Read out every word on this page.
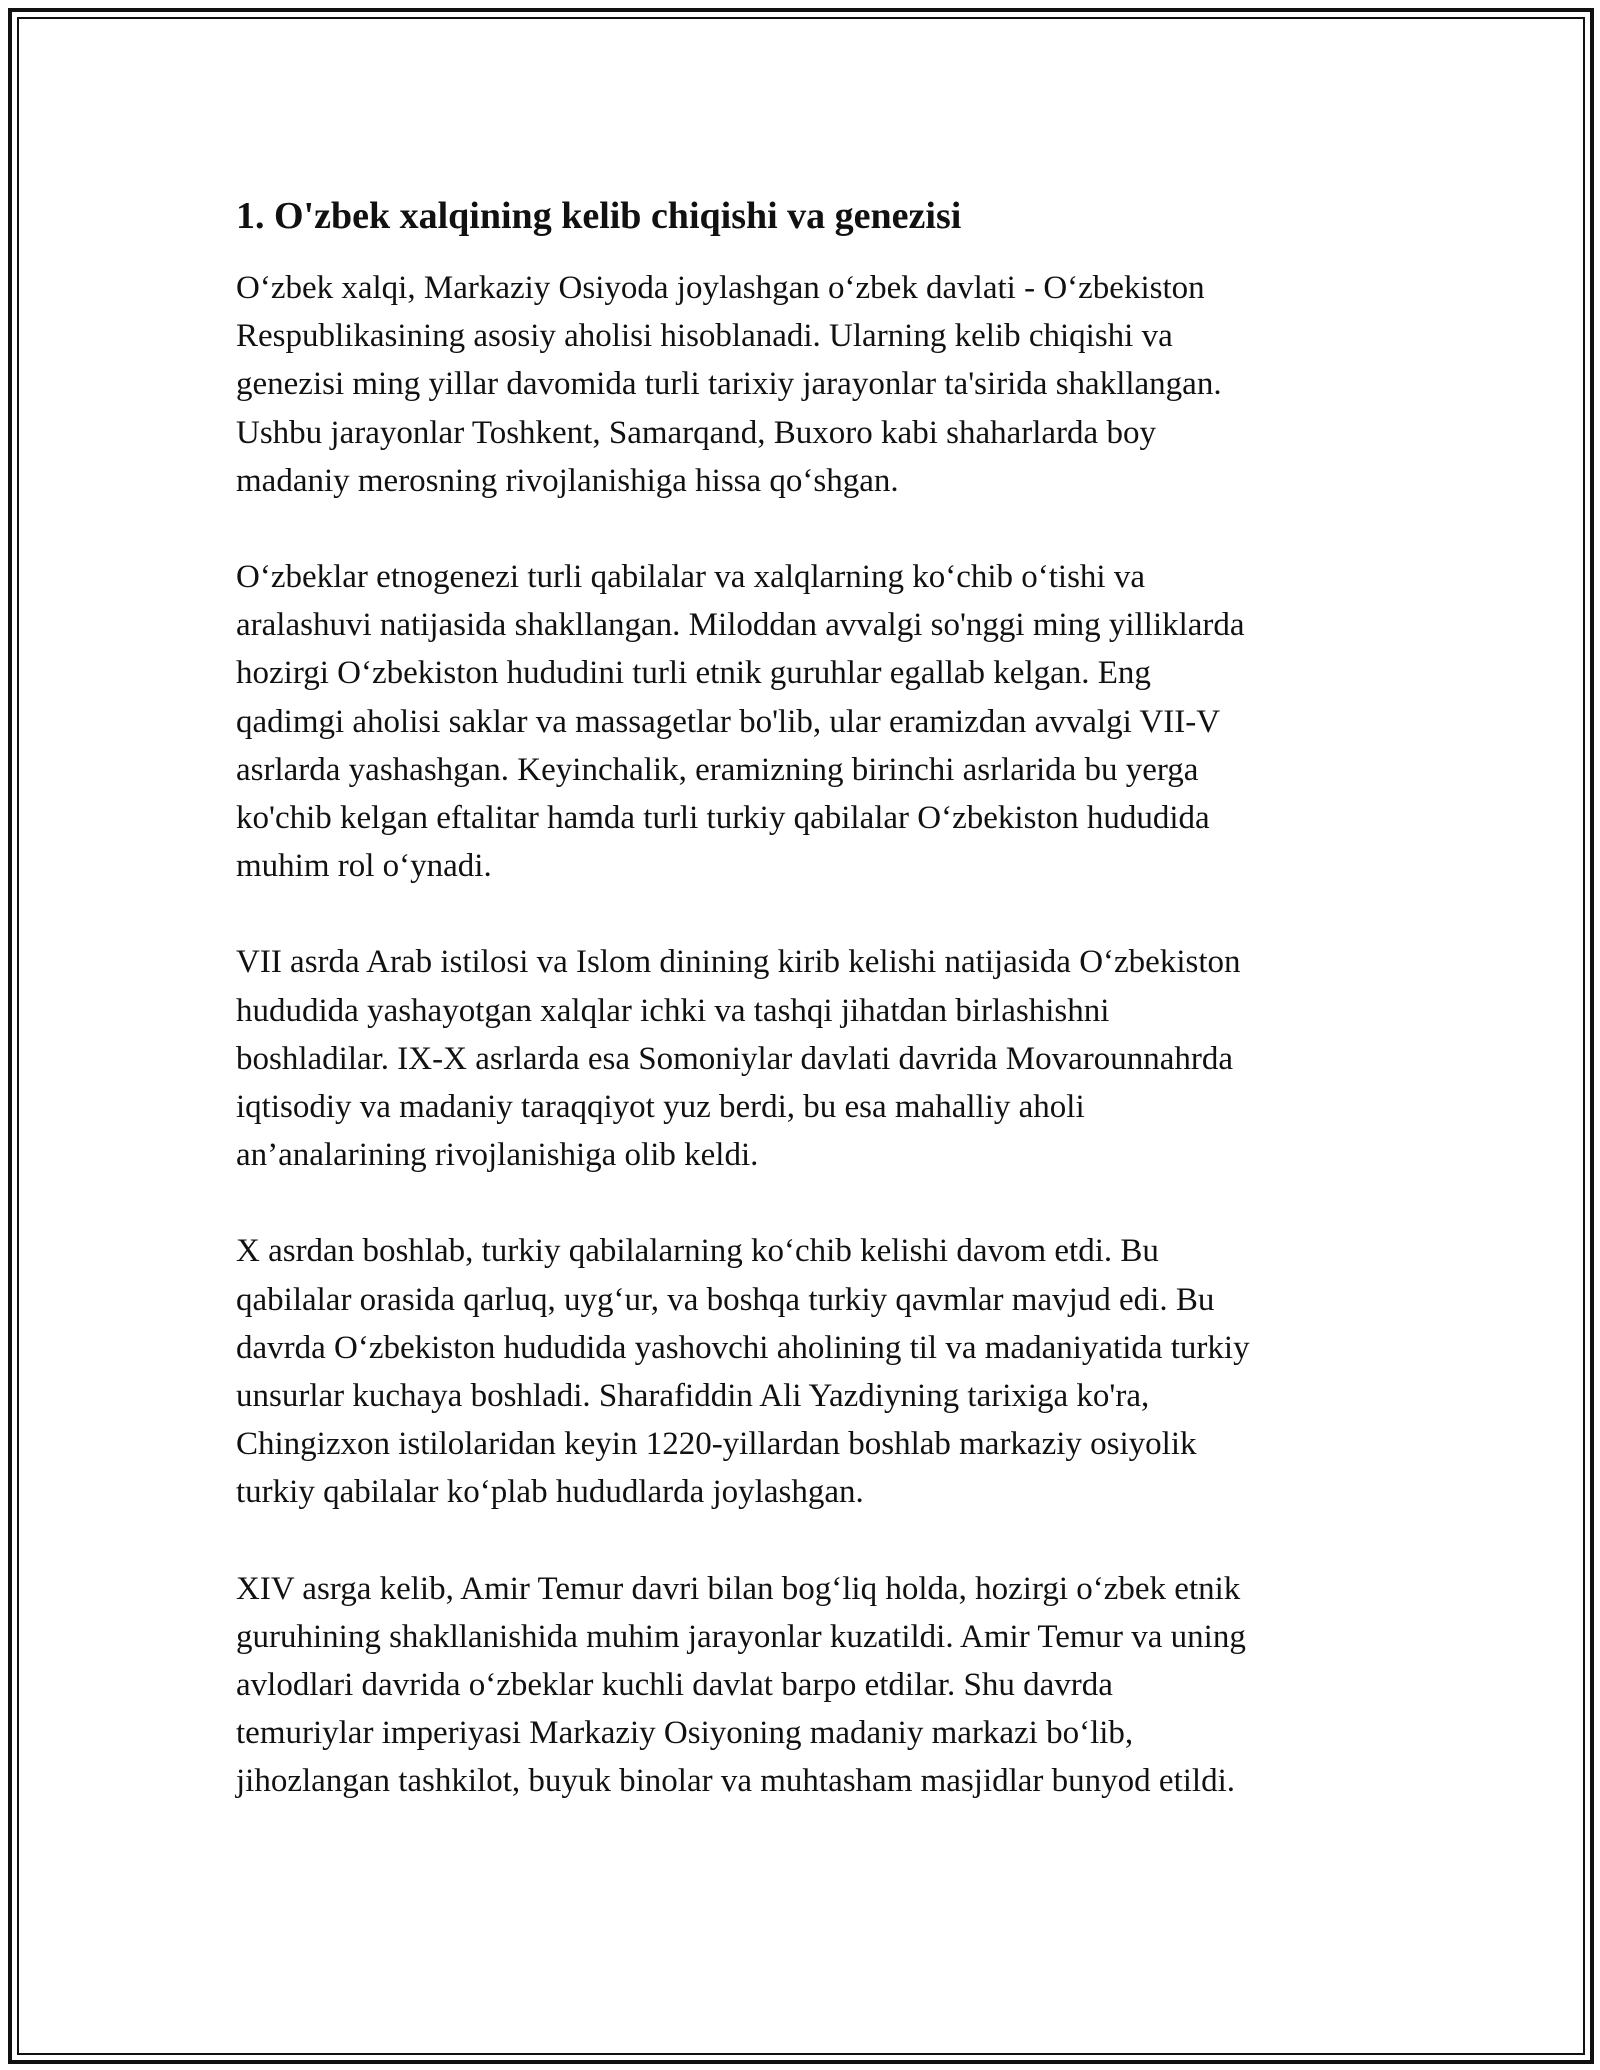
1. O'zbek xalqining kelib chiqishi va genezisi

O‘zbek xalqi, Markaziy Osiyoda joylashgan o‘zbek davlati - O‘zbekiston
Respublikasining asosiy aholisi hisoblanadi. Ularning kelib chiqishi va
genezisi ming yillar davomida turli tarixiy jarayonlar ta'sirida shakllangan.
Ushbu jarayonlar Toshkent, Samarqand, Buxoro kabi shaharlarda boy
madaniy merosning rivojlanishiga hissa qo‘shgan.

O‘zbeklar etnogenezi turli qabilalar va xalqlarning ko‘chib o‘tishi va
aralashuvi natijasida shakllangan. Miloddan avvalgi so'nggi ming yilliklarda
hozirgi O‘zbekiston hududini turli etnik guruhlar egallab kelgan. Eng
qadimgi aholisi saklar va massagetlar bo'lib, ular eramizdan avvalgi VII-V
asrlarda yashashgan. Keyinchalik, eramizning birinchi asrlarida bu yerga
ko'chib kelgan eftalitar hamda turli turkiy qabilalar O‘zbekiston hududida
muhim rol o‘ynadi.

VII asrda Arab istilosi va Islom dinining kirib kelishi natijasida O‘zbekiston
hududida yashayotgan xalqlar ichki va tashqi jihatdan birlashishni
boshladilar. IX-X asrlarda esa Somoniylar davlati davrida Movarounnahrda
iqtisodiy va madaniy taraqqiyot yuz berdi, bu esa mahalliy aholi
an’analarining rivojlanishiga olib keldi.

X asrdan boshlab, turkiy qabilalarning ko‘chib kelishi davom etdi. Bu
qabilalar orasida qarluq, uyg‘ur, va boshqa turkiy qavmlar mavjud edi. Bu
davrda O‘zbekiston hududida yashovchi aholining til va madaniyatida turkiy
unsurlar kuchaya boshladi. Sharafiddin Ali Yazdiyning tarixiga ko'ra,
Chingizxon istilolaridan keyin 1220-yillardan boshlab markaziy osiyolik
turkiy qabilalar ko‘plab hududlarda joylashgan.

XIV asrga kelib, Amir Temur davri bilan bog‘liq holda, hozirgi o‘zbek etnik
guruhining shakllanishida muhim jarayonlar kuzatildi. Amir Temur va uning
avlodlari davrida o‘zbeklar kuchli davlat barpo etdilar. Shu davrda
temuriylar imperiyasi Markaziy Osiyoning madaniy markazi bo‘lib,
jihozlangan tashkilot, buyuk binolar va muhtasham masjidlar bunyod etildi.
